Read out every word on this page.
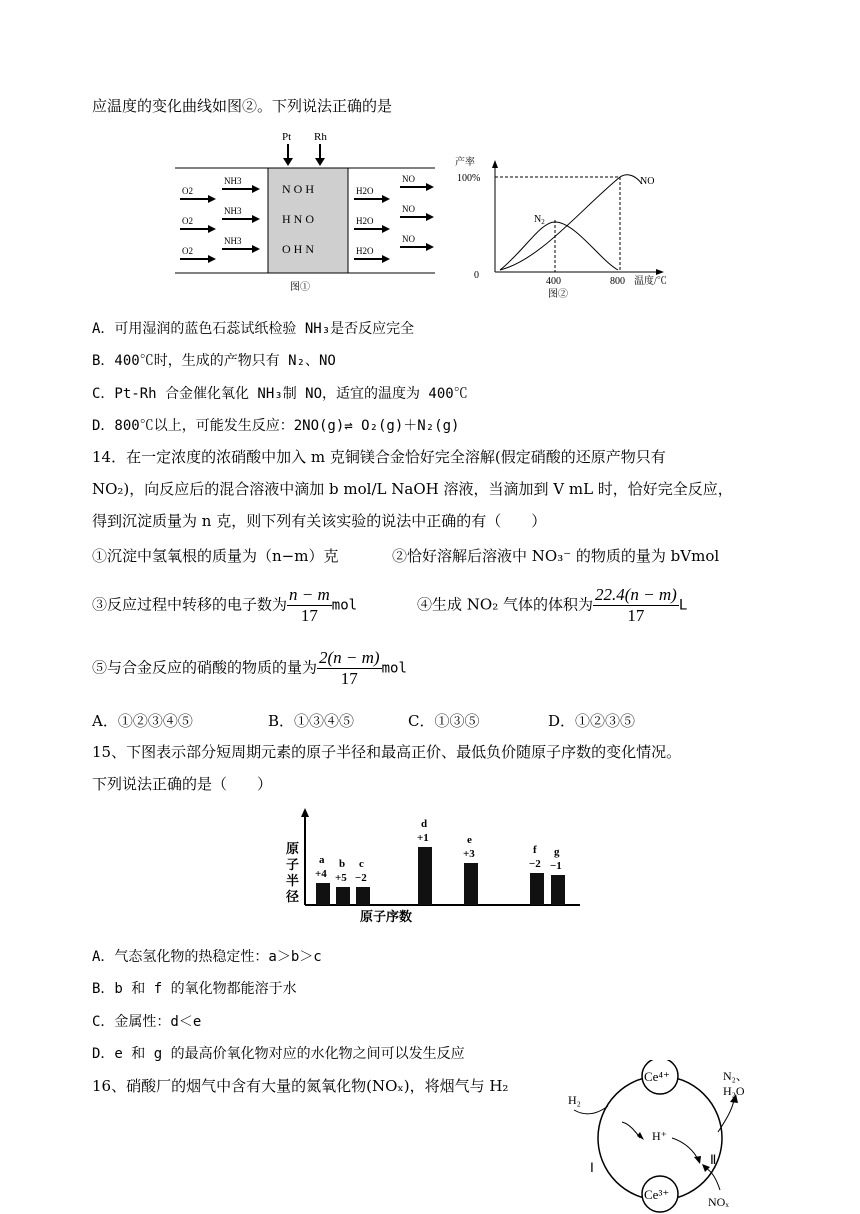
应温度的变化曲线如图②。下列说法正确的是
Pt Rh
N O H
H N O
O H N
O2
NH3
H2O
NO
O2
NH3
H2O
NO
O2
NH3
H2O
NO
图①
产率
100%
0
400	800 温度/℃
$N_2$
NO
图②
A．可用湿润的蓝色石蕊试纸检验 NH₃是否反应完全
B．400℃时，生成的产物只有 N₂、NO
C．Pt-Rh 合金催化氧化 NH₃制 NO，适宜的温度为 400℃
D．800℃以上，可能发生反应：2NO(g)⇌ O₂(g)＋N₂(g)
14．在一定浓度的浓硝酸中加入 m 克铜镁合金恰好完全溶解(假定硝酸的还原产物只有
NO₂)，向反应后的混合溶液中滴加 b mol/L NaOH 溶液，当滴加到 V mL 时，恰好完全反应，
得到沉淀质量为 n 克，则下列有关该实验的说法中正确的有（　　）
①沉淀中氢氧根的质量为（n−m）克	②恰好溶解后溶液中 NO₃⁻ 的物质的量为 bVmol
③反应过程中转移的电子数为 $\frac{n - m}{17}$ mol	④生成 NO₂ 气体的体积为 $\frac{22.4(n - m)}{17}$ L
⑤与合金反应的硝酸的物质的量为 $\frac{2(n - m)}{17}$ mol
A．①②③④⑤	B．①③④⑤	C．①③⑤	D．①②③⑤
15、下图表示部分短周期元素的原子半径和最高正价、最低负价随原子序数的变化情况。
下列说法正确的是（　　）
原
子
半
径
原子序数
a
+4
b
+5
c
−2
d
+1	e
+3	f
−2
g
−1
A．气态氢化物的热稳定性：a＞b＞c
B．b 和 f 的氧化物都能溶于水
C．金属性：d＜e
D．e 和 g 的最高价氧化物对应的水化物之间可以发生反应
16、硝酸厂的烟气中含有大量的氮氧化物(NOₓ)，将烟气与 H₂
Ce⁴⁺
Ce³⁺
H₂
H⁺
Ⅰ
Ⅱ
N₂、
H₂O
NOₓ
